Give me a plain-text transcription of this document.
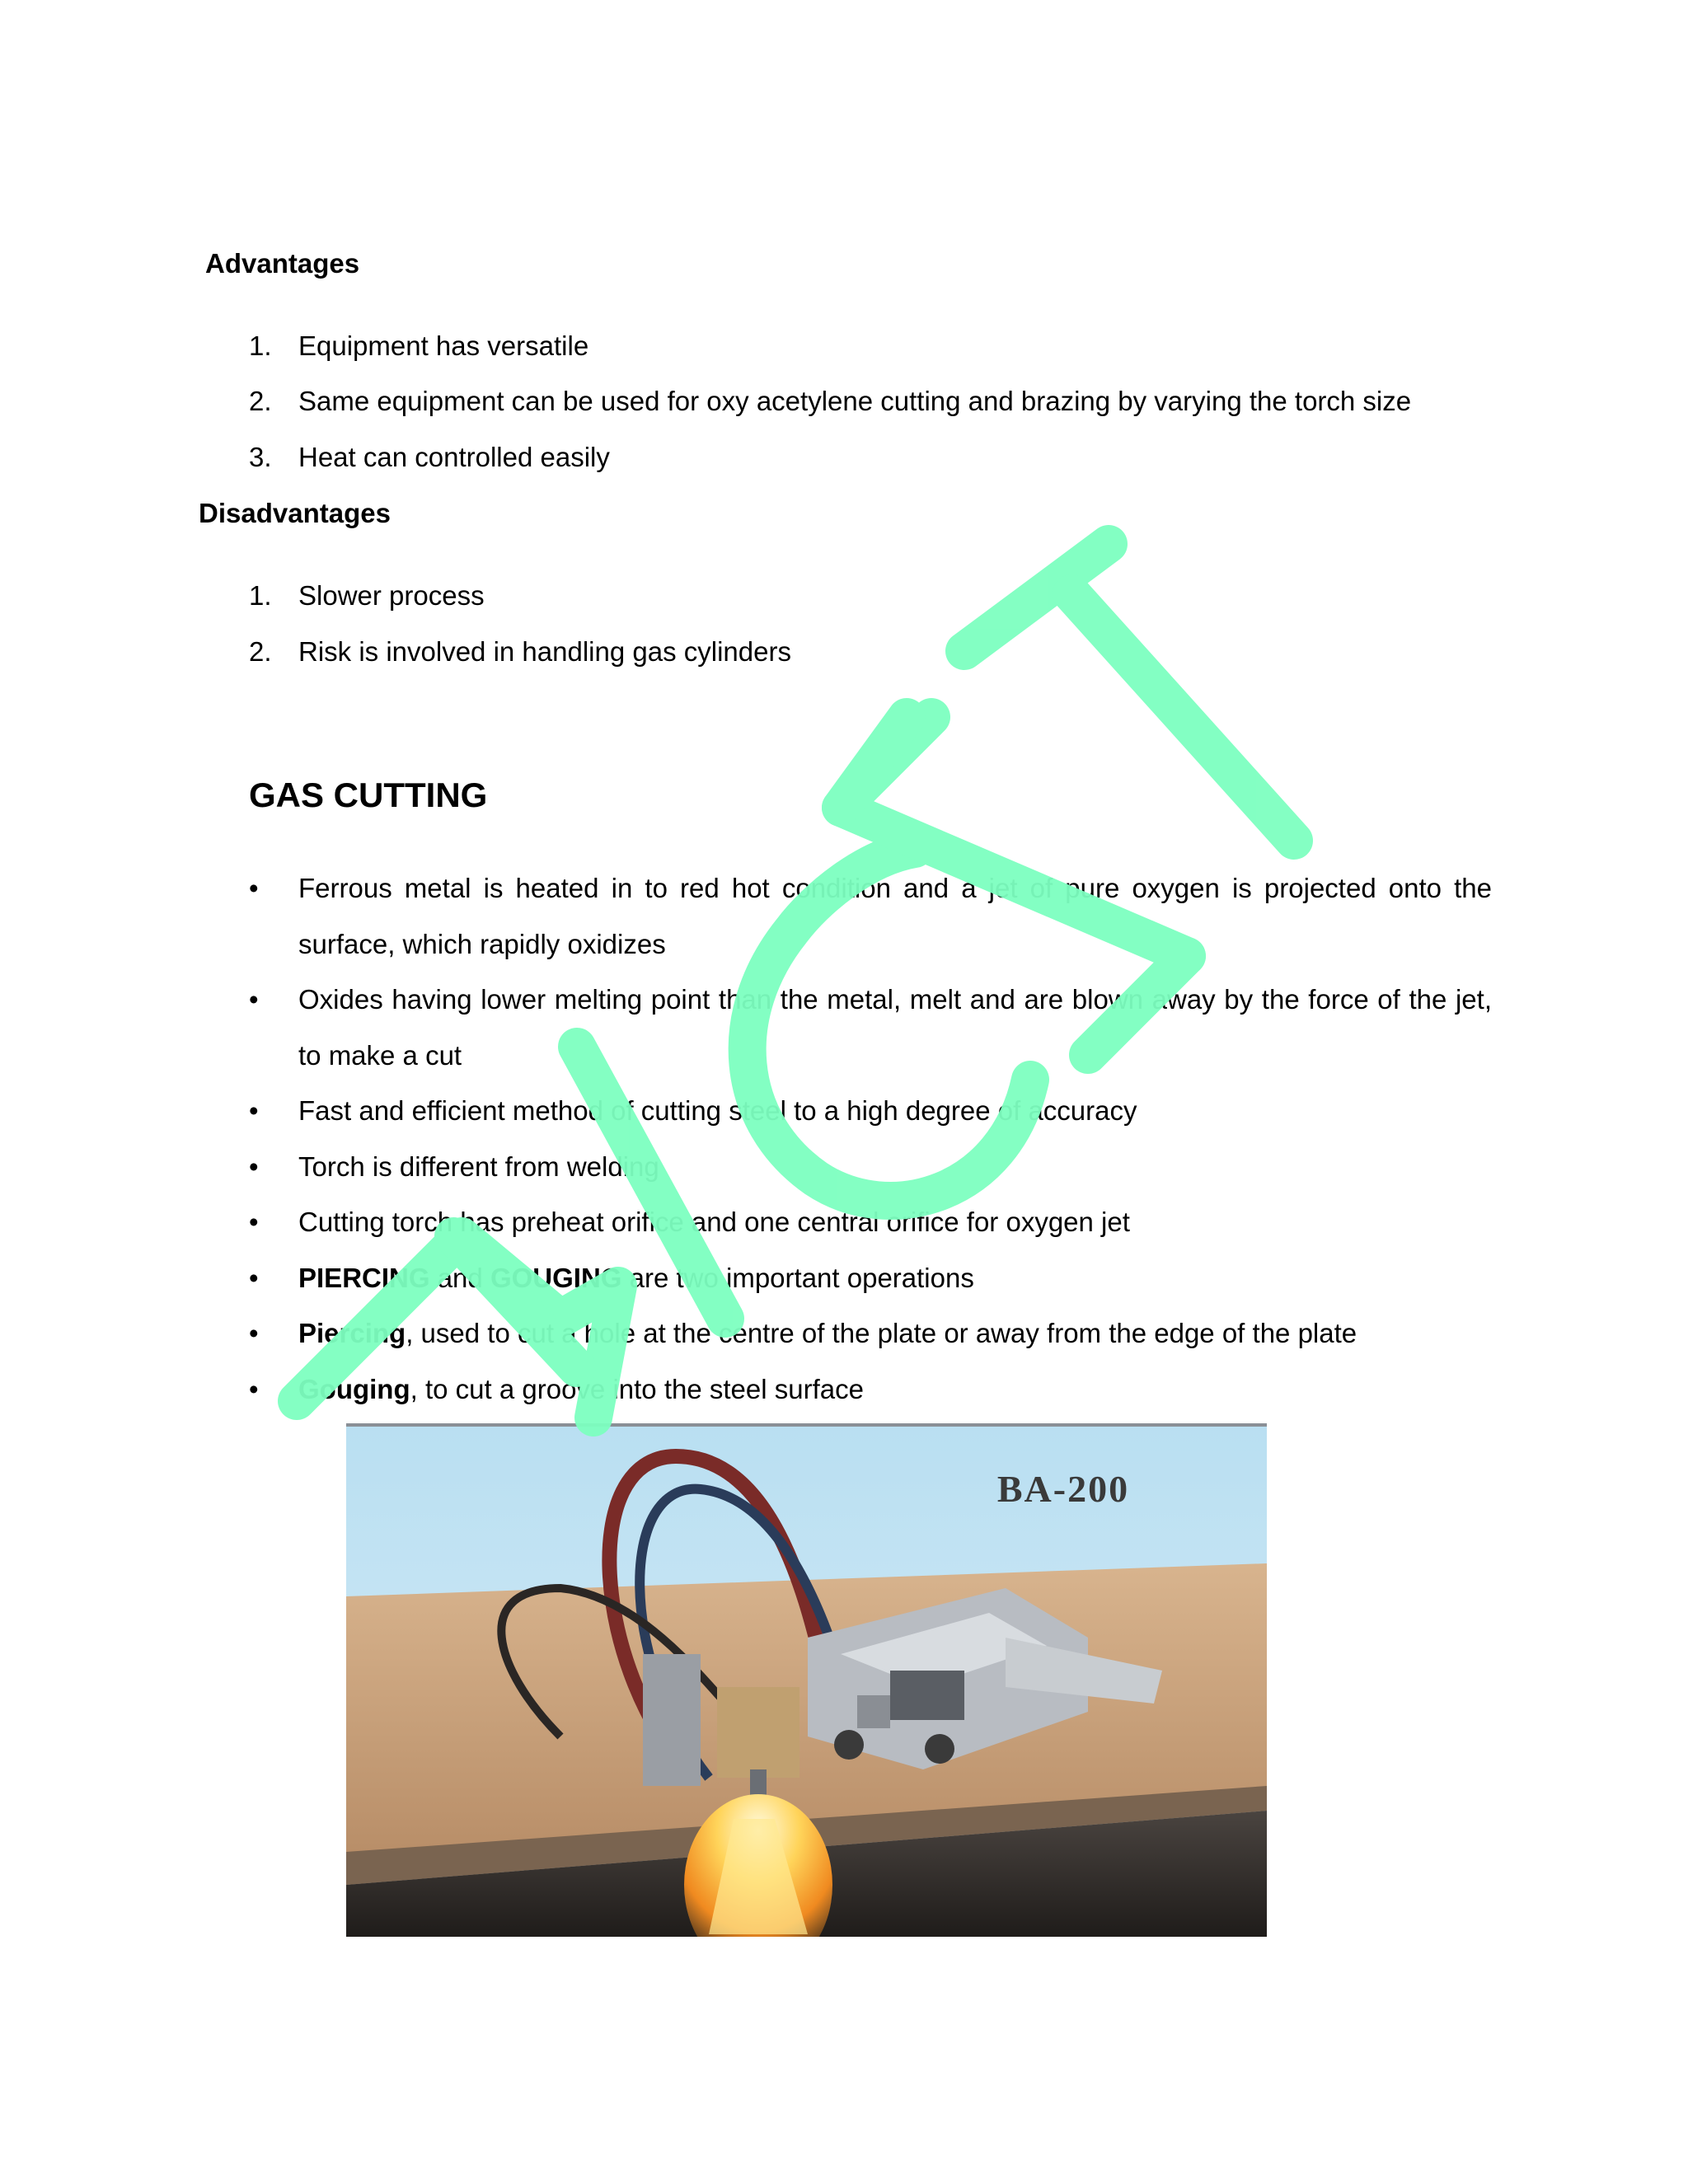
Advantages
1. Equipment has versatile
2. Same equipment can be used for oxy acetylene cutting and brazing by varying the torch size
3. Heat can controlled easily
Disadvantages
1. Slower process
2. Risk is involved in handling gas cylinders
GAS CUTTING
•	Ferrous metal is heated in to red hot condition and a jet of pure oxygen is projected onto the surface, which rapidly oxidizes
•	Oxides having lower melting point than the metal, melt and are blown away by the force of the jet, to make a cut
•	Fast and efficient method of cutting steel to a high degree of accuracy
•	Torch is different from welding
•	Cutting torch has preheat orifice and one central orifice for oxygen jet
•	PIERCING and GOUGING are two important operations
•	Piercing, used to cut a hole at the centre of the plate or away from the edge of the plate
•	Gouging, to cut a groove into the steel surface
BA-200
